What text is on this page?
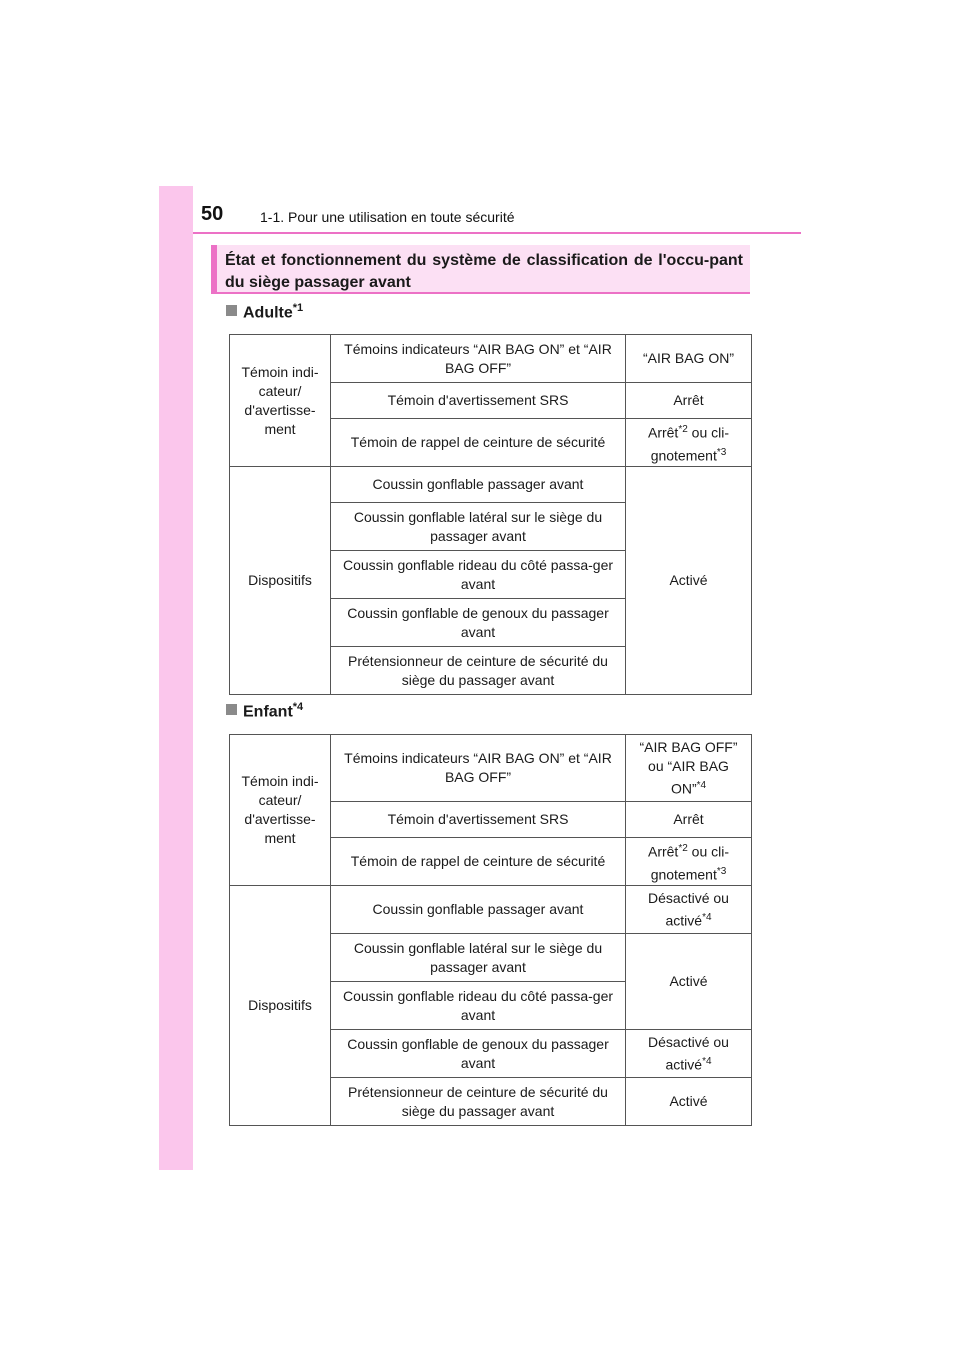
50	1-1. Pour une utilisation en toute sécurité
État et fonctionnement du système de classification de l'occu-pant du siège passager avant
Adulte$^{*1}$
Témoin indi-cateur/ d'avertisse-ment	Témoins indicateurs “AIR BAG ON” et “AIR BAG OFF”	“AIR BAG ON”
	Témoin d'avertissement SRS	Arrêt
	Témoin de rappel de ceinture de sécurité	Arrêt$^{*2}$ ou cli-gnotement$^{*3}$
Dispositifs	Coussin gonflable passager avant	Activé
	Coussin gonflable latéral sur le siège du passager avant	
	Coussin gonflable rideau du côté passa-ger avant	
	Coussin gonflable de genoux du passager avant	
	Prétensionneur de ceinture de sécurité du siège du passager avant	
Enfant$^{*4}$
Témoin indi-cateur/ d'avertisse-ment	Témoins indicateurs “AIR BAG ON” et “AIR BAG OFF”	“AIR BAG OFF” ou “AIR BAG ON”$^{*4}$
	Témoin d'avertissement SRS	Arrêt
	Témoin de rappel de ceinture de sécurité	Arrêt$^{*2}$ ou cli-gnotement$^{*3}$
Dispositifs	Coussin gonflable passager avant	Désactivé ou activé$^{*4}$
	Coussin gonflable latéral sur le siège du passager avant	Activé
	Coussin gonflable rideau du côté passa-ger avant	
	Coussin gonflable de genoux du passager avant	Désactivé ou activé$^{*4}$
	Prétensionneur de ceinture de sécurité du siège du passager avant	Activé
